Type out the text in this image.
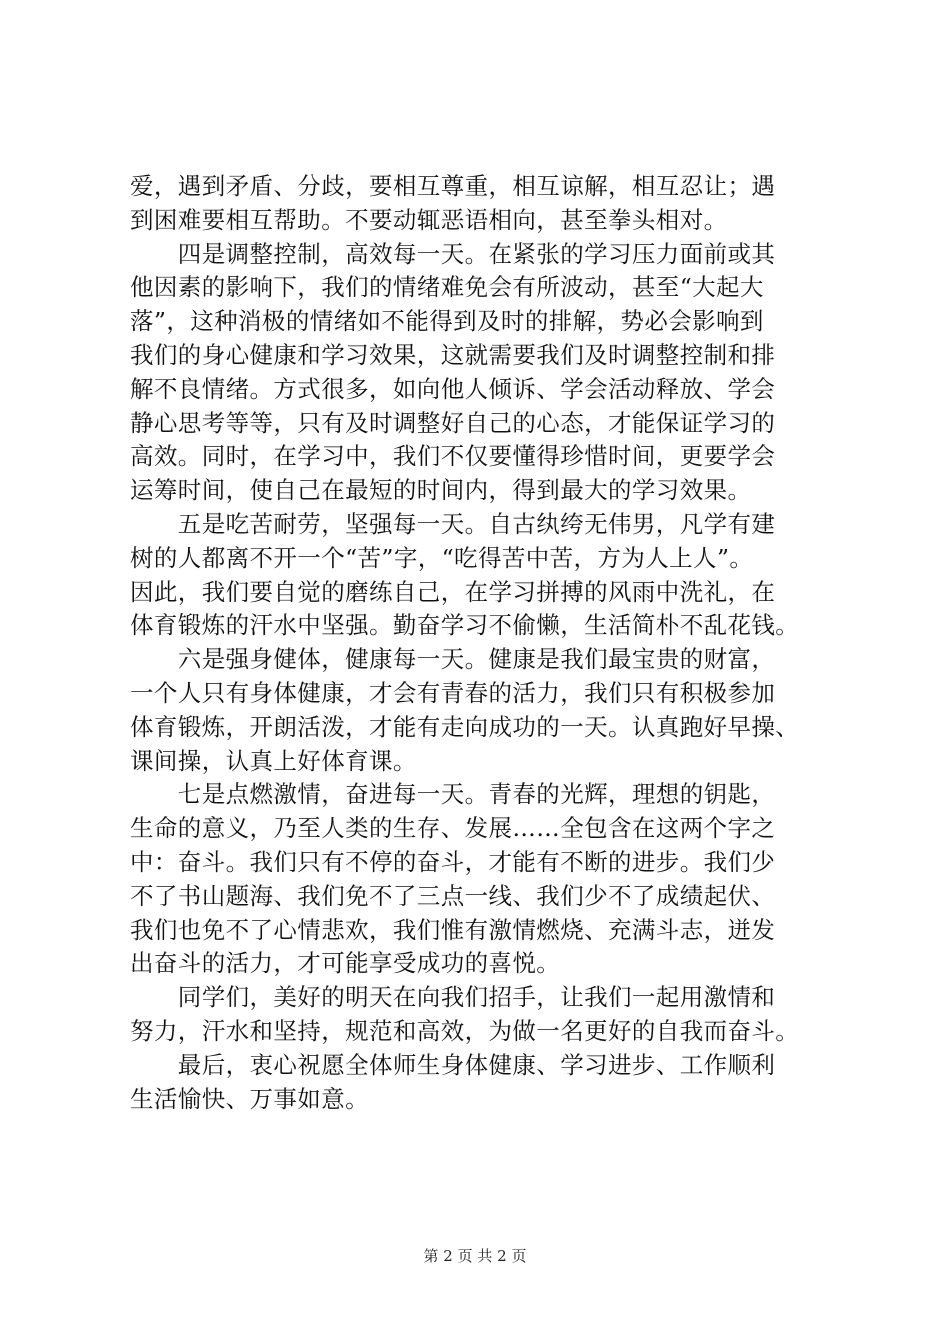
爱，遇到矛盾、分歧，要相互尊重，相互谅解，相互忍让；遇
到困难要相互帮助。不要动辄恶语相向，甚至拳头相对。
　　四是调整控制，高效每一天。在紧张的学习压力面前或其
他因素的影响下，我们的情绪难免会有所波动，甚至“大起大
落”，这种消极的情绪如不能得到及时的排解，势必会影响到
我们的身心健康和学习效果，这就需要我们及时调整控制和排
解不良情绪。方式很多，如向他人倾诉、学会活动释放、学会
静心思考等等，只有及时调整好自己的心态，才能保证学习的
高效。同时，在学习中，我们不仅要懂得珍惜时间，更要学会
运筹时间，使自己在最短的时间内，得到最大的学习效果。
　　五是吃苦耐劳，坚强每一天。自古纨绔无伟男，凡学有建
树的人都离不开一个“苦”字，“吃得苦中苦，方为人上人”。
因此，我们要自觉的磨练自己，在学习拼搏的风雨中洗礼，在
体育锻炼的汗水中坚强。勤奋学习不偷懒，生活简朴不乱花钱。
　　六是强身健体，健康每一天。健康是我们最宝贵的财富，
一个人只有身体健康，才会有青春的活力，我们只有积极参加
体育锻炼，开朗活泼，才能有走向成功的一天。认真跑好早操、
课间操，认真上好体育课。
　　七是点燃激情，奋进每一天。青春的光辉，理想的钥匙，
生命的意义，乃至人类的生存、发展……全包含在这两个字之
中：奋斗。我们只有不停的奋斗，才能有不断的进步。我们少
不了书山题海、我们免不了三点一线、我们少不了成绩起伏、
我们也免不了心情悲欢，我们惟有激情燃烧、充满斗志，迸发
出奋斗的活力，才可能享受成功的喜悦。
　　同学们，美好的明天在向我们招手，让我们一起用激情和
努力，汗水和坚持，规范和高效，为做一名更好的自我而奋斗。
　　最后，衷心祝愿全体师生身体健康、学习进步、工作顺利
生活愉快、万事如意。
第 2 页 共 2 页
